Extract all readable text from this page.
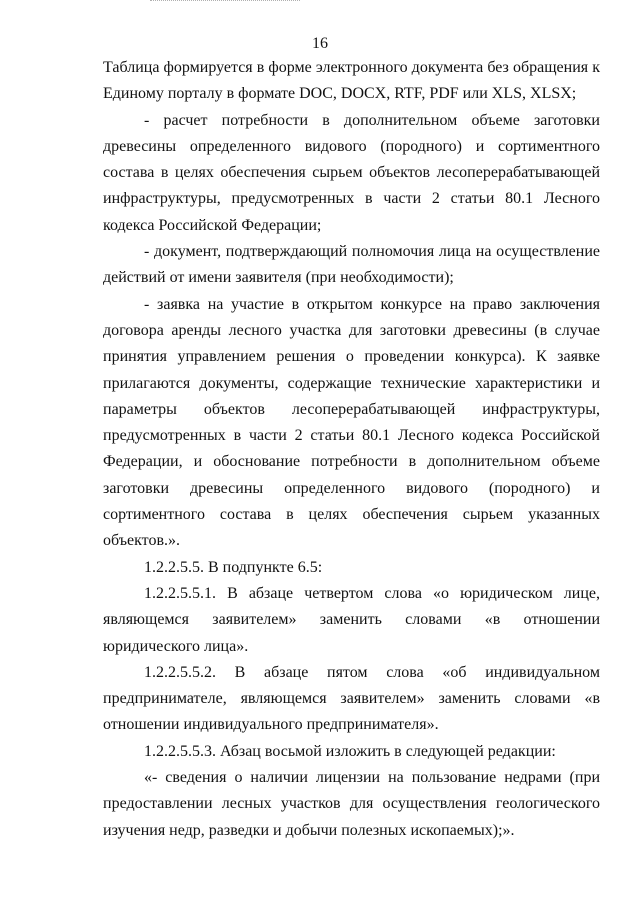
16

Таблица формируется в форме электронного документа без обращения к Единому порталу в формате DOC, DOCX, RTF, PDF или XLS, XLSX;

- расчет потребности в дополнительном объеме заготовки древесины определенного видового (породного) и сортиментного состава в целях обеспечения сырьем объектов лесоперерабатывающей инфраструктуры, предусмотренных в части 2 статьи 80.1 Лесного кодекса Российской Федерации;

- документ, подтверждающий полномочия лица на осуществление действий от имени заявителя (при необходимости);

- заявка на участие в открытом конкурсе на право заключения договора аренды лесного участка для заготовки древесины (в случае принятия управлением решения о проведении конкурса). К заявке прилагаются документы, содержащие технические характеристики и параметры объектов лесоперерабатывающей инфраструктуры, предусмотренных в части 2 статьи 80.1 Лесного кодекса Российской Федерации, и обоснование потребности в дополнительном объеме заготовки древесины определенного видового (породного) и сортиментного состава в целях обеспечения сырьем указанных объектов.».

1.2.2.5.5. В подпункте 6.5:

1.2.2.5.5.1. В абзаце четвертом слова «о юридическом лице, являющемся заявителем» заменить словами «в отношении юридического лица».

1.2.2.5.5.2. В абзаце пятом слова «об индивидуальном предпринимателе, являющемся заявителем» заменить словами «в отношении индивидуального предпринимателя».

1.2.2.5.5.3. Абзац восьмой изложить в следующей редакции:

«- сведения о наличии лицензии на пользование недрами (при предоставлении лесных участков для осуществления геологического изучения недр, разведки и добычи полезных ископаемых);».
